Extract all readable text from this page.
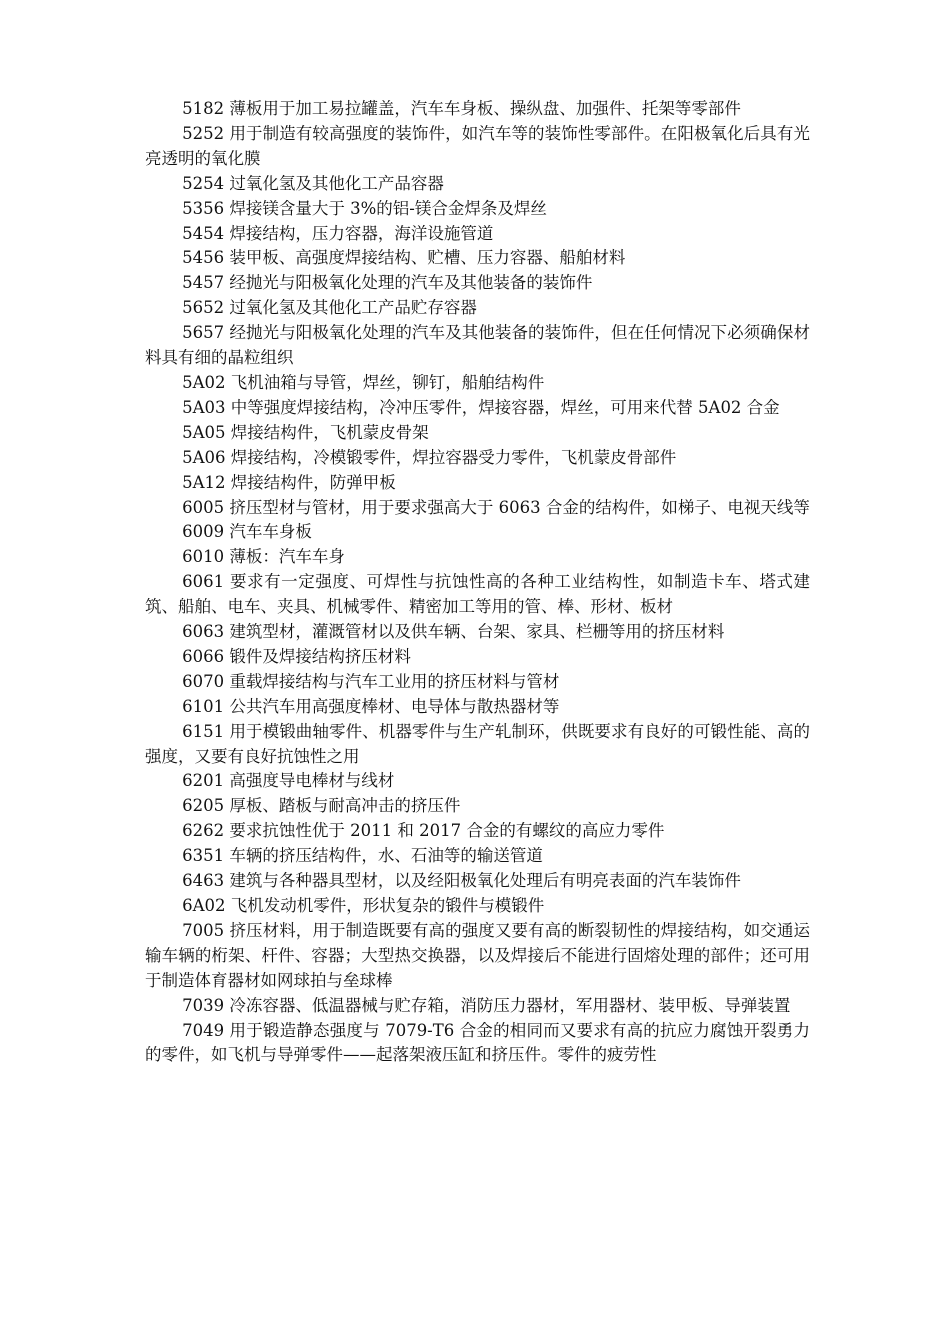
5182 薄板用于加工易拉罐盖，汽车车身板、操纵盘、加强件、托架等零部件

5252 用于制造有较高强度的装饰件，如汽车等的装饰性零部件。在阳极氧化后具有光亮透明的氧化膜

5254 过氧化氢及其他化工产品容器

5356 焊接镁含量大于 3%的铝-镁合金焊条及焊丝

5454 焊接结构，压力容器，海洋设施管道

5456 装甲板、高强度焊接结构、贮槽、压力容器、船舶材料

5457 经抛光与阳极氧化处理的汽车及其他装备的装饰件

5652 过氧化氢及其他化工产品贮存容器

5657 经抛光与阳极氧化处理的汽车及其他装备的装饰件，但在任何情况下必须确保材料具有细的晶粒组织

5A02 飞机油箱与导管，焊丝，铆钉，船舶结构件

5A03 中等强度焊接结构，冷冲压零件，焊接容器，焊丝，可用来代替 5A02 合金

5A05 焊接结构件，飞机蒙皮骨架

5A06 焊接结构，冷模锻零件，焊拉容器受力零件，飞机蒙皮骨部件

5A12 焊接结构件，防弹甲板

6005 挤压型材与管材，用于要求强高大于 6063 合金的结构件，如梯子、电视天线等

6009 汽车车身板

6010 薄板：汽车车身

6061 要求有一定强度、可焊性与抗蚀性高的各种工业结构性，如制造卡车、塔式建筑、船舶、电车、夹具、机械零件、精密加工等用的管、棒、形材、板材

6063 建筑型材，灌溉管材以及供车辆、台架、家具、栏栅等用的挤压材料

6066 锻件及焊接结构挤压材料

6070 重载焊接结构与汽车工业用的挤压材料与管材

6101 公共汽车用高强度棒材、电导体与散热器材等

6151 用于模锻曲轴零件、机器零件与生产轧制环，供既要求有良好的可锻性能、高的强度，又要有良好抗蚀性之用

6201 高强度导电棒材与线材

6205 厚板、踏板与耐高冲击的挤压件

6262 要求抗蚀性优于 2011 和 2017 合金的有螺纹的高应力零件

6351 车辆的挤压结构件，水、石油等的输送管道

6463 建筑与各种器具型材，以及经阳极氧化处理后有明亮表面的汽车装饰件

6A02 飞机发动机零件，形状复杂的锻件与模锻件

7005 挤压材料，用于制造既要有高的强度又要有高的断裂韧性的焊接结构，如交通运输车辆的桁架、杆件、容器；大型热交换器，以及焊接后不能进行固熔处理的部件；还可用于制造体育器材如网球拍与垒球棒

7039 冷冻容器、低温器械与贮存箱，消防压力器材，军用器材、装甲板、导弹装置

7049 用于锻造静态强度与 7079-T6 合金的相同而又要求有高的抗应力腐蚀开裂勇力的零件，如飞机与导弹零件——起落架液压缸和挤压件。零件的疲劳性
